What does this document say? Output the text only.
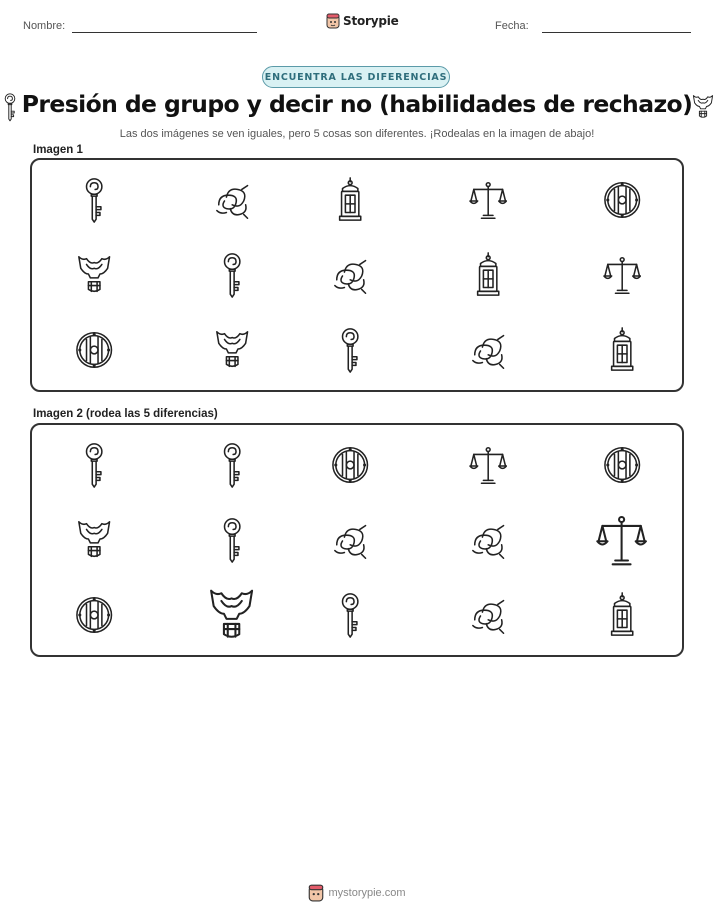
Nombre:	Storypie	Fecha:
ENCUENTRA LAS DIFERENCIAS
Presión de grupo y decir no (habilidades de rechazo)
Las dos imágenes se ven iguales, pero 5 cosas son diferentes. ¡Rodealas en la imagen de abajo!
Imagen 1
Imagen 2 (rodea las 5 diferencias)
mystorypie.com
